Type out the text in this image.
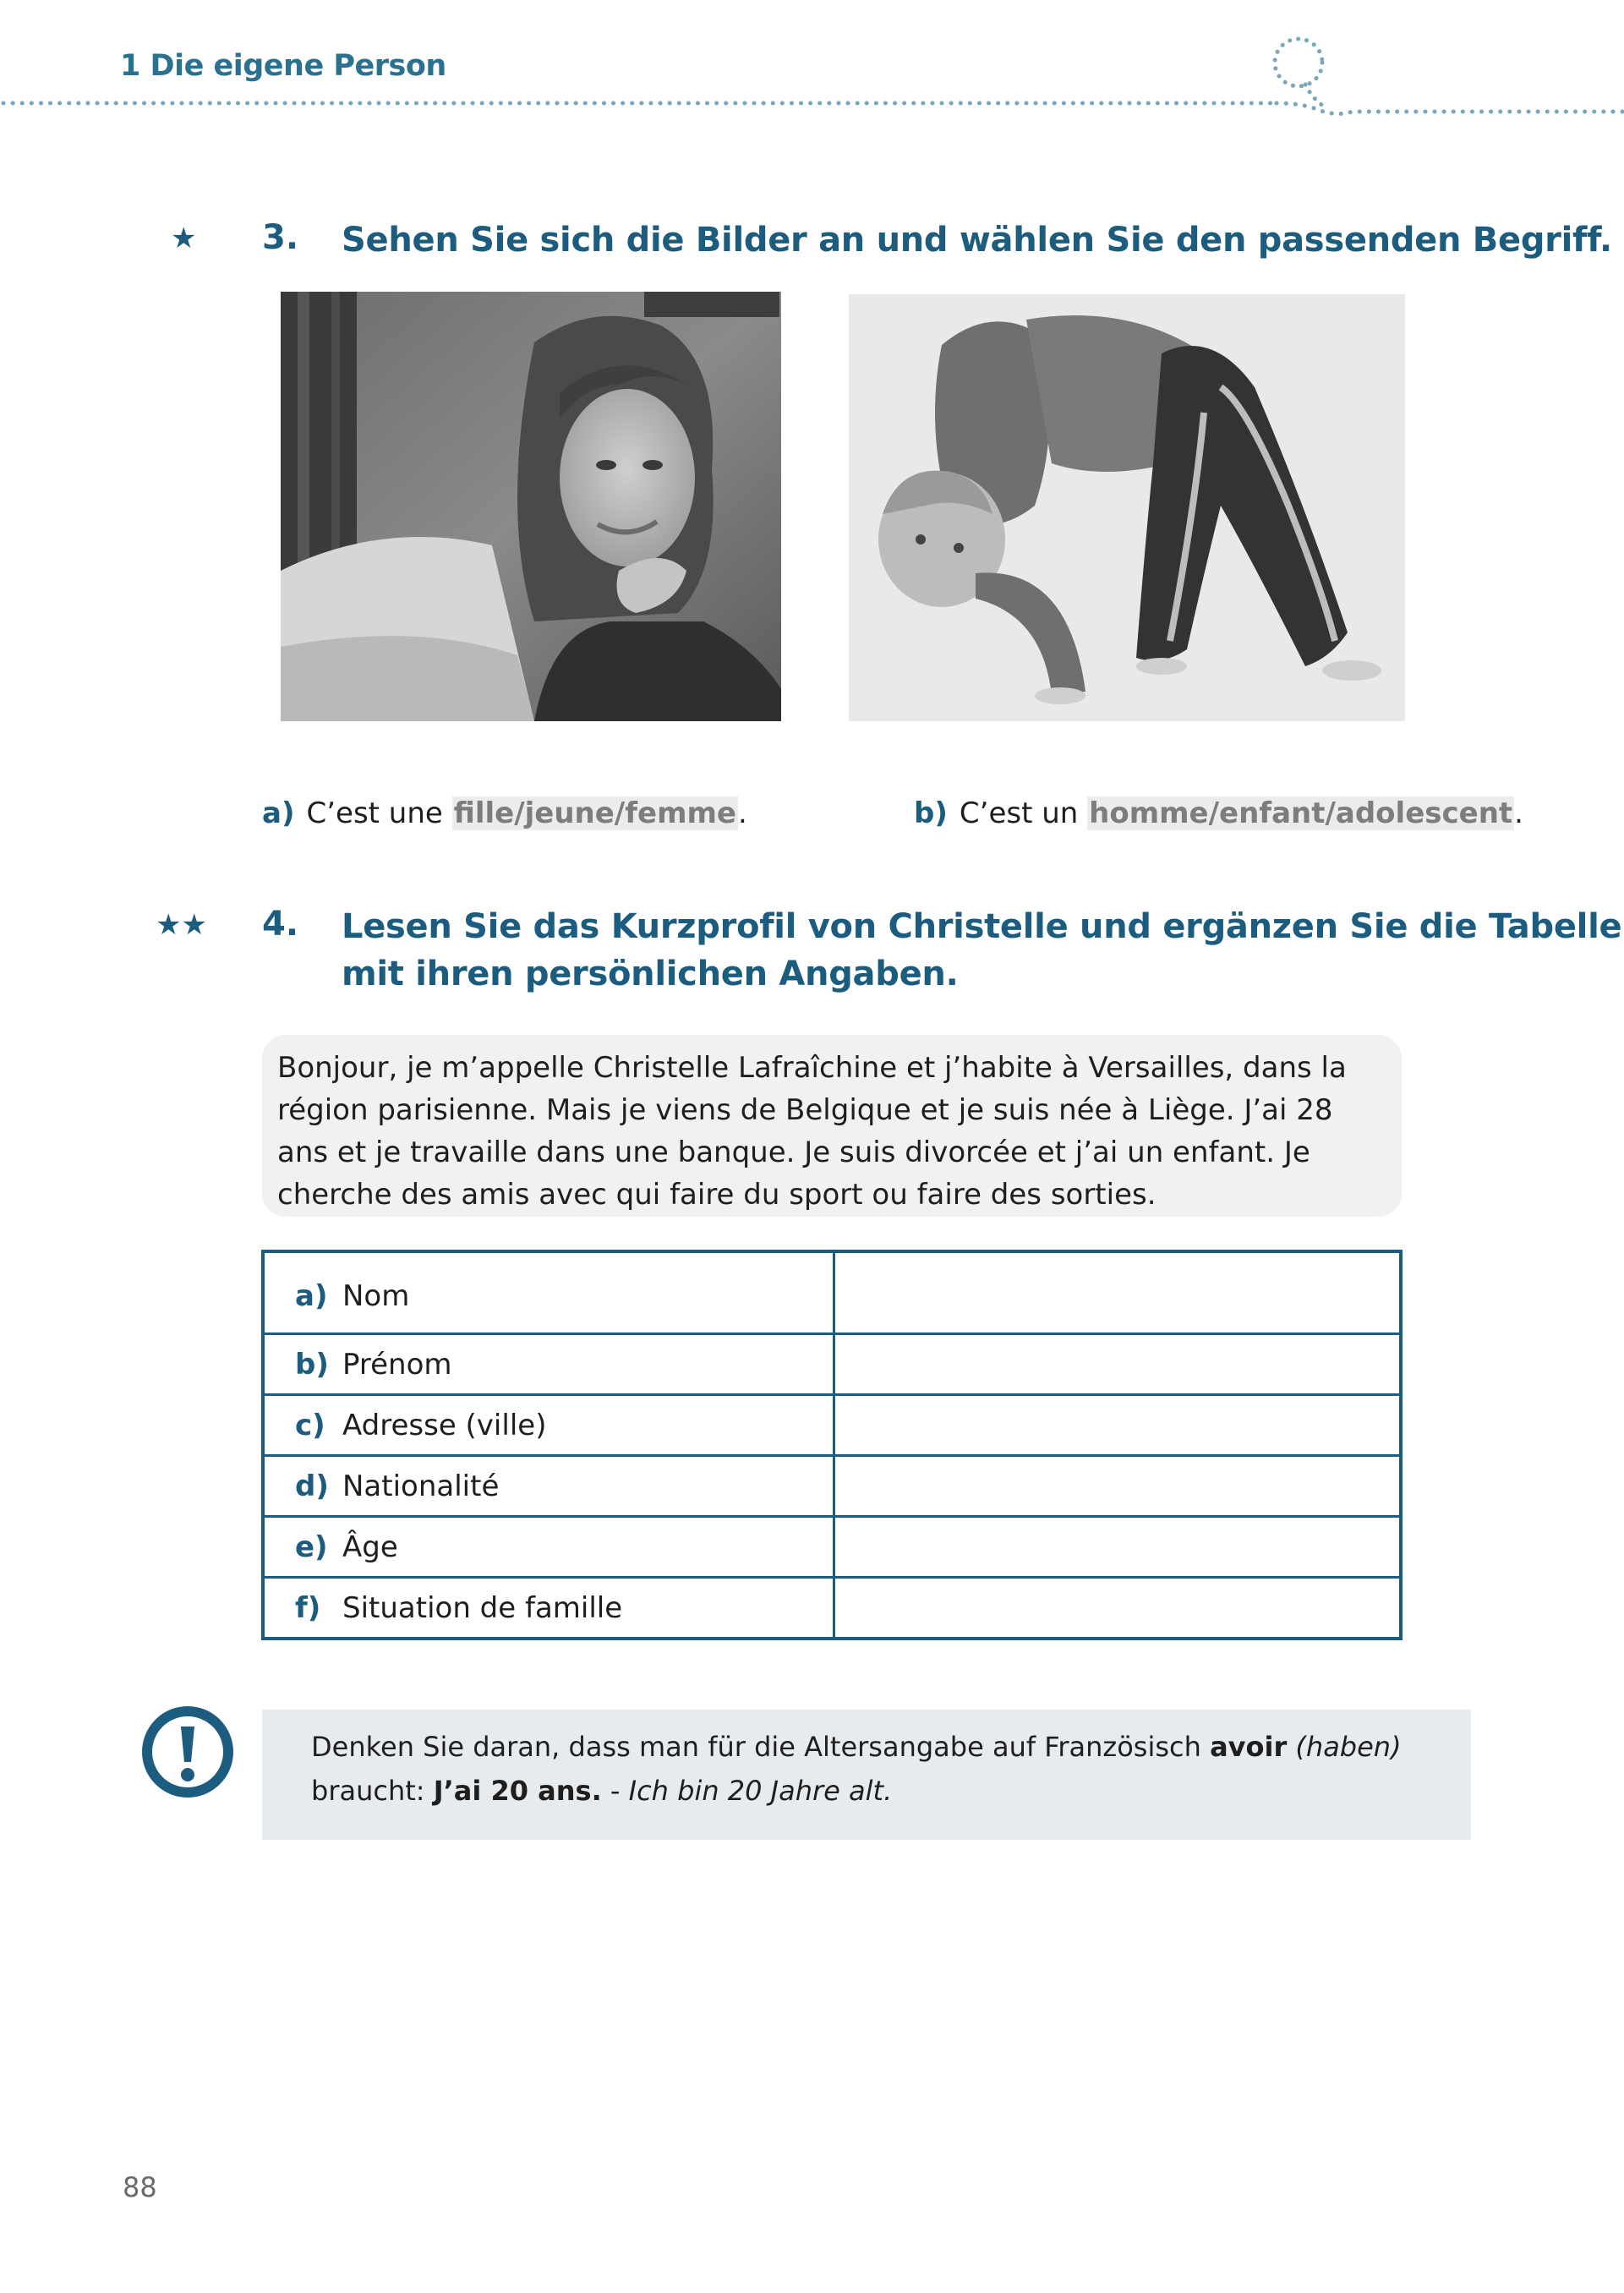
1 Die eigene Person
★ 3. Sehen Sie sich die Bilder an und wählen Sie den passenden Begriff.
a) C’est une fille/jeune/femme.	b) C’est un homme/enfant/adolescent.
★★ 4. Lesen Sie das Kurzprofil von Christelle und ergänzen Sie die Tabelle
mit ihren persönlichen Angaben.

Bonjour, je m’appelle Christelle Lafraîchine et j’habite à Versailles, dans la région parisienne. Mais je viens de Belgique et je suis née à Liège. J’ai 28 ans et je travaille dans une banque. Je suis divorcée et j’ai un enfant. Je cherche des amis avec qui faire du sport ou faire des sorties.

a) Nom	
b) Prénom	
c) Adresse (ville)	
d) Nationalité	
e) Âge	
f) Situation de famille	

Denken Sie daran, dass man für die Altersangabe auf Französisch avoir (haben)
braucht: J’ai 20 ans. - Ich bin 20 Jahre alt.

88
